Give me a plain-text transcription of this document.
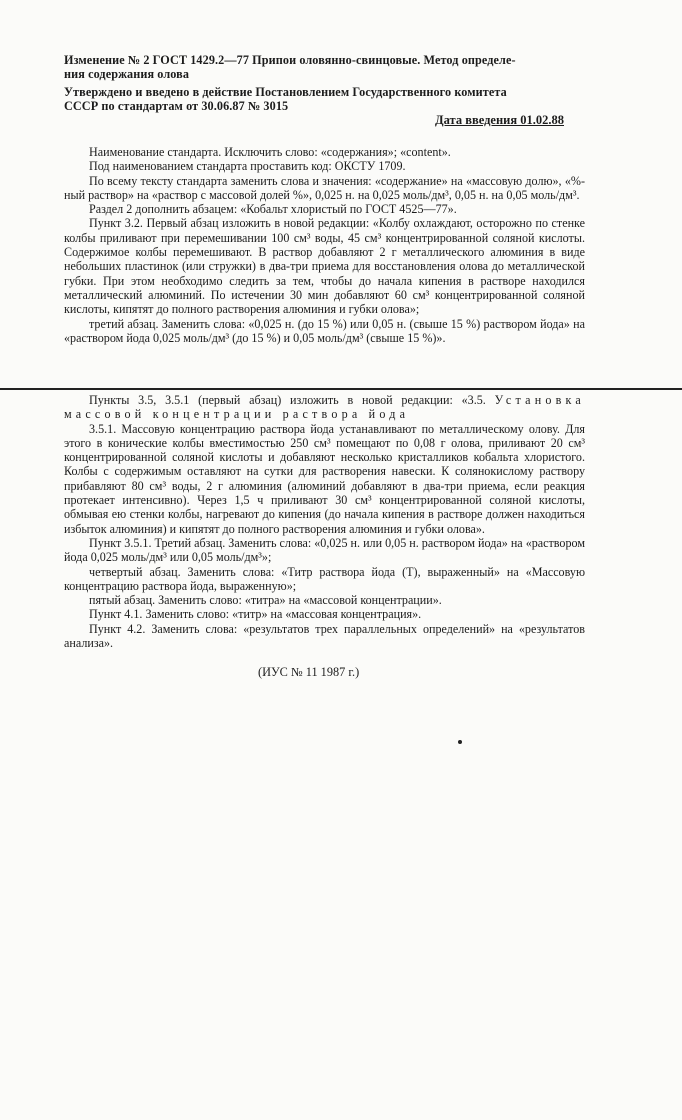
Изменение № 2 ГОСТ 1429.2—77 Припои оловянно-свинцовые. Метод определе-
ния содержания олова
Утверждено и введено в действие Постановлением Государственного комитета
СССР по стандартам от 30.06.87 № 3015
Дата введения 01.02.88

Наименование стандарта. Исключить слово: «содержания»; «content».

Под наименованием стандарта проставить код: ОКСТУ 1709.

По всему тексту стандарта заменить слова и значения: «содержание» на «массовую долю», «%-ный раствор» на «раствор с массовой долей %», 0,025 н. на 0,025 моль/дм³, 0,05 н. на 0,05 моль/дм³.

Раздел 2 дополнить абзацем: «Кобальт хлористый по ГОСТ 4525—77».

Пункт 3.2. Первый абзац изложить в новой редакции: «Колбу охлаждают, осторожно по стенке колбы приливают при перемешивании 100 см³ воды, 45 см³ концентрированной соляной кислоты. Содержимое колбы перемешивают. В раствор добавляют 2 г металлического алюминия в виде небольших пластинок (или стружки) в два-три приема для восстановления олова до металлической губки. При этом необходимо следить за тем, чтобы до начала кипения в растворе находился металлический алюминий. По истечении 30 мин добавляют 60 см³ концентрированной соляной кислоты, кипятят до полного растворения алюминия и губки олова»;

третий абзац. Заменить слова: «0,025 н. (до 15 %) или 0,05 н. (свыше 15 %) раствором йода» на «раствором йода 0,025 моль/дм³ (до 15 %) и 0,05 моль/дм³ (свыше 15 %)».

Пункты 3.5, 3.5.1 (первый абзац) изложить в новой редакции: «3.5. Установка массовой концентрации раствора йода

3.5.1. Массовую концентрацию раствора йода устанавливают по металлическому олову. Для этого в конические колбы вместимостью 250 см³ помещают по 0,08 г олова, приливают 20 см³ концентрированной соляной кислоты и добавляют несколько кристалликов кобальта хлористого. Колбы с содержимым оставляют на сутки для растворения навески. К солянокислому раствору прибавляют 80 см³ воды, 2 г алюминия (алюминий добавляют в два-три приема, если реакция протекает интенсивно). Через 1,5 ч приливают 30 см³ концентрированной соляной кислоты, обмывая ею стенки колбы, нагревают до кипения (до начала кипения в растворе должен находиться избыток алюминия) и кипятят до полного растворения алюминия и губки олова».

Пункт 3.5.1. Третий абзац. Заменить слова: «0,025 н. или 0,05 н. раствором йода» на «раствором йода 0,025 моль/дм³ или 0,05 моль/дм³»;

четвертый абзац. Заменить слова: «Титр раствора йода (T), выраженный» на «Массовую концентрацию раствора йода, выраженную»;

пятый абзац. Заменить слово: «титра» на «массовой концентрации».

Пункт 4.1. Заменить слово: «титр» на «массовая концентрация».

Пункт 4.2. Заменить слова: «результатов трех параллельных определений» на «результатов анализа».

(ИУС № 11 1987 г.)
